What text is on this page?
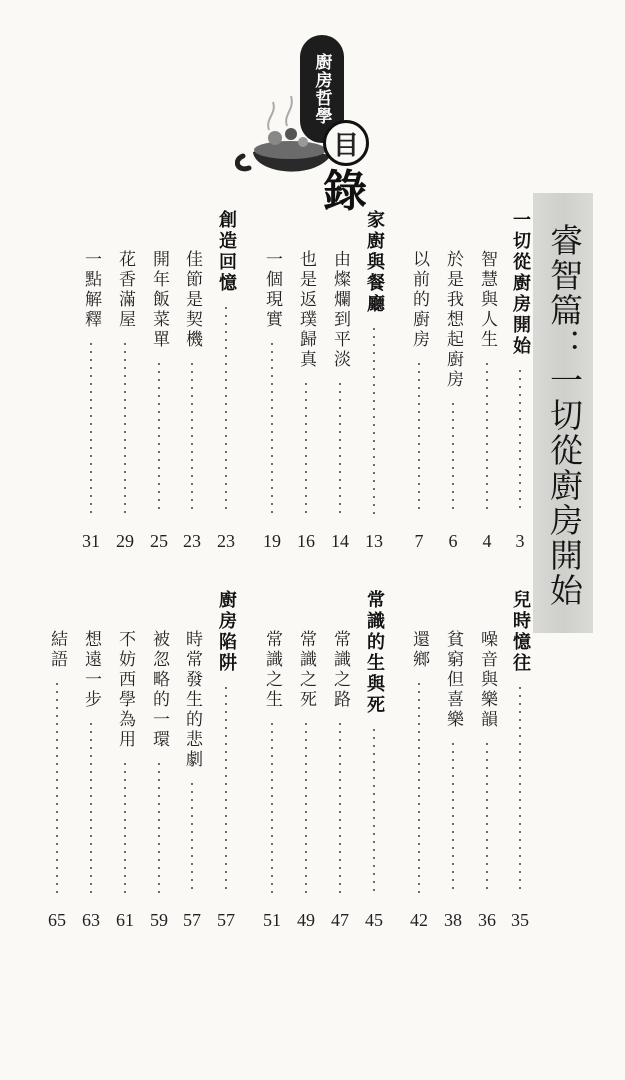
廚房哲學
目
錄
睿智篇：一切從廚房開始
一切從廚房開始
3
智慧與人生
4
於是我想起廚房
6
以前的廚房
7
家廚與餐廳
13
由燦爛到平淡
14
也是返璞歸真
16
一個現實
19
創造回憶
23
佳節是契機
23
開年飯菜單
25
花香滿屋
29
一點解釋
31
兒時憶往
35
噪音與樂韻
36
貧窮但喜樂
38
還鄉
42
常識的生與死
45
常識之路
47
常識之死
49
常識之生
51
廚房陷阱
57
時常發生的悲劇
57
被忽略的一環
59
不妨西學為用
61
想遠一步
63
結語
65
